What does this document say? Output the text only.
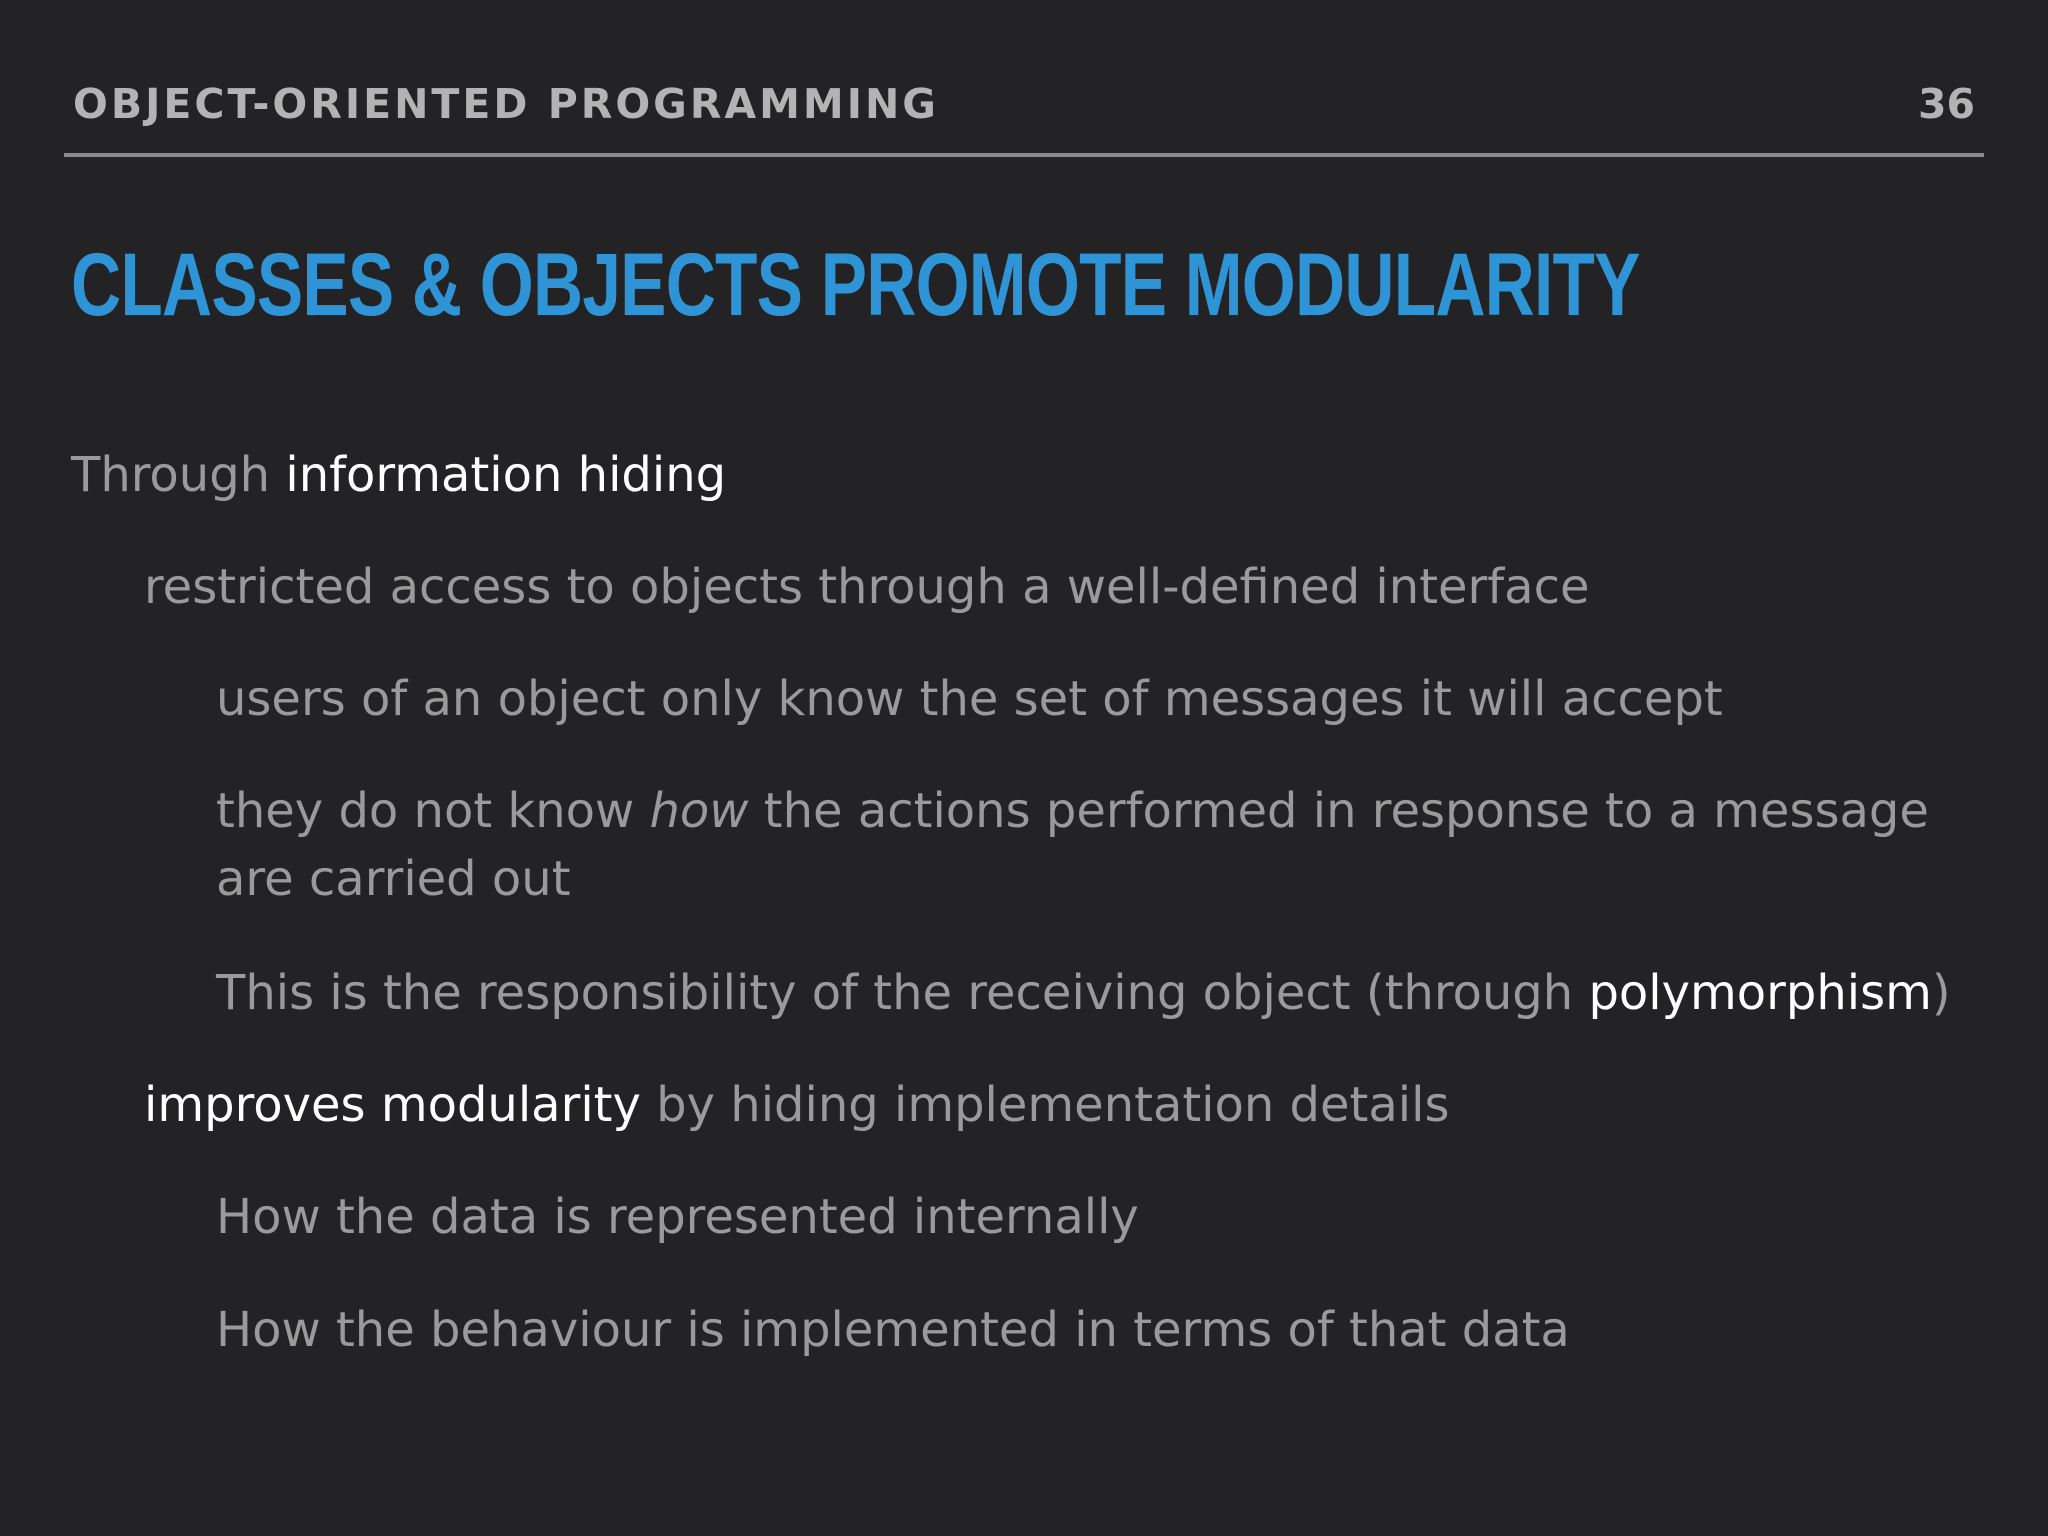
OBJECT-ORIENTED PROGRAMMING	36
CLASSES & OBJECTS PROMOTE MODULARITY
Through information hiding
restricted access to objects through a well-defined interface
users of an object only know the set of messages it will accept
they do not know how the actions performed in response to a message
are carried out
This is the responsibility of the receiving object (through polymorphism)
improves modularity by hiding implementation details
How the data is represented internally
How the behaviour is implemented in terms of that data
